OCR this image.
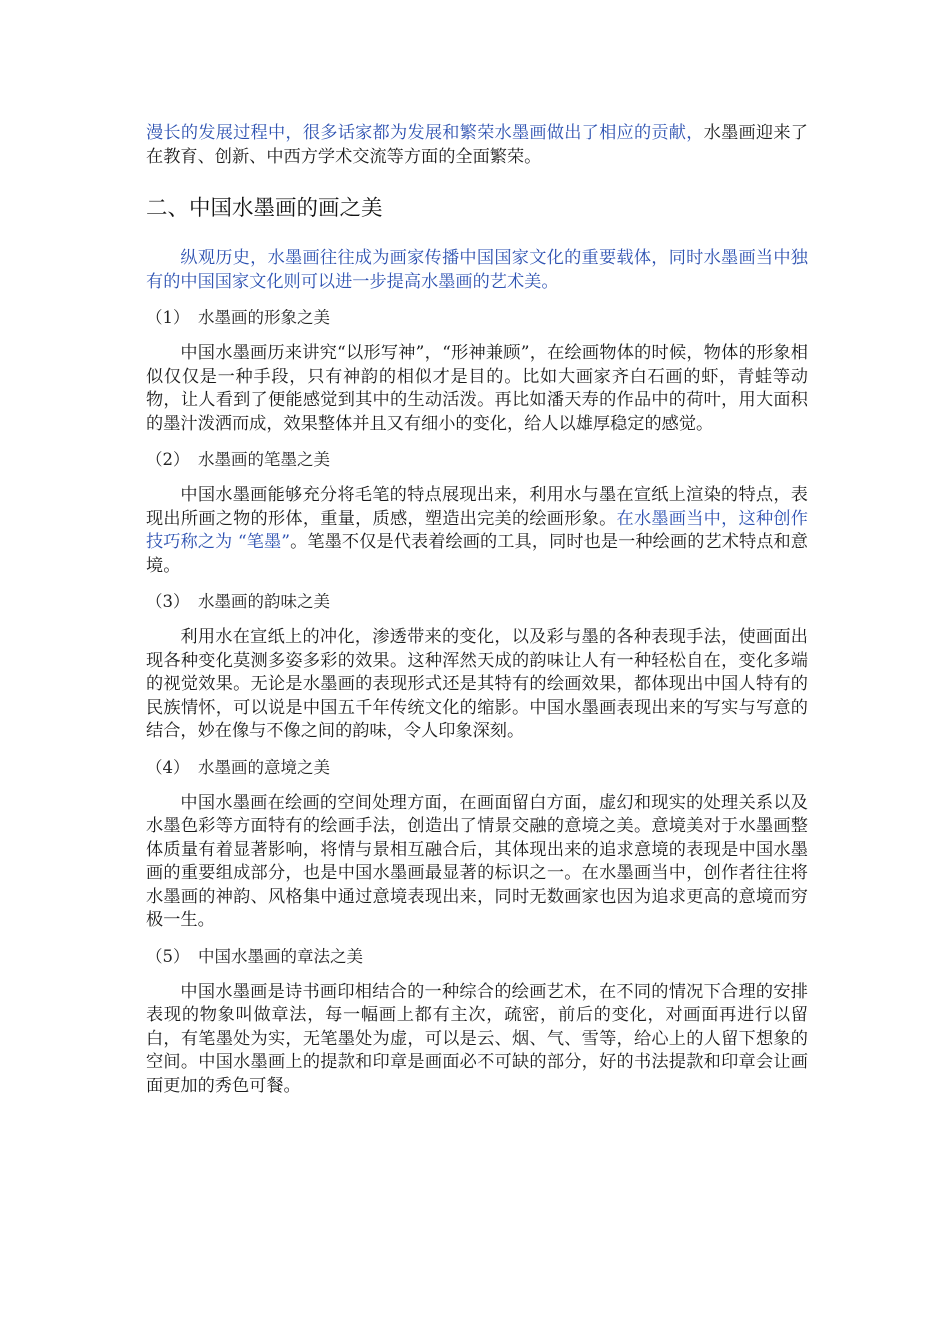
漫长的发展过程中，很多话家都为发展和繁荣水墨画做出了相应的贡献，水墨画迎来了在教育、创新、中西方学术交流等方面的全面繁荣。

二、中国水墨画的画之美

纵观历史，水墨画往往成为画家传播中国国家文化的重要载体，同时水墨画当中独有的中国国家文化则可以进一步提高水墨画的艺术美。

（1） 水墨画的形象之美

中国水墨画历来讲究“以形写神”，“形神兼顾”，在绘画物体的时候，物体的形象相似仅仅是一种手段，只有神韵的相似才是目的。比如大画家齐白石画的虾，青蛙等动物，让人看到了便能感觉到其中的生动活泼。再比如潘天寿的作品中的荷叶，用大面积的墨汁泼洒而成，效果整体并且又有细小的变化，给人以雄厚稳定的感觉。

（2） 水墨画的笔墨之美

中国水墨画能够充分将毛笔的特点展现出来，利用水与墨在宣纸上渲染的特点，表现出所画之物的形体，重量，质感，塑造出完美的绘画形象。在水墨画当中，这种创作技巧称之为 “笔墨”。笔墨不仅是代表着绘画的工具，同时也是一种绘画的艺术特点和意境。

（3） 水墨画的韵味之美

利用水在宣纸上的冲化，渗透带来的变化，以及彩与墨的各种表现手法，使画面出现各种变化莫测多姿多彩的效果。这种浑然天成的韵味让人有一种轻松自在，变化多端的视觉效果。无论是水墨画的表现形式还是其特有的绘画效果，都体现出中国人特有的民族情怀，可以说是中国五千年传统文化的缩影。中国水墨画表现出来的写实与写意的结合，妙在像与不像之间的韵味，令人印象深刻。

（4） 水墨画的意境之美

中国水墨画在绘画的空间处理方面，在画面留白方面，虚幻和现实的处理关系以及水墨色彩等方面特有的绘画手法，创造出了情景交融的意境之美。意境美对于水墨画整体质量有着显著影响，将情与景相互融合后，其体现出来的追求意境的表现是中国水墨画的重要组成部分，也是中国水墨画最显著的标识之一。在水墨画当中，创作者往往将水墨画的神韵、风格集中通过意境表现出来，同时无数画家也因为追求更高的意境而穷极一生。

（5） 中国水墨画的章法之美

中国水墨画是诗书画印相结合的一种综合的绘画艺术，在不同的情况下合理的安排表现的物象叫做章法，每一幅画上都有主次，疏密，前后的变化，对画面再进行以留白，有笔墨处为实，无笔墨处为虚，可以是云、烟、气、雪等，给心上的人留下想象的空间。中国水墨画上的提款和印章是画面必不可缺的部分，好的书法提款和印章会让画面更加的秀色可餐。
